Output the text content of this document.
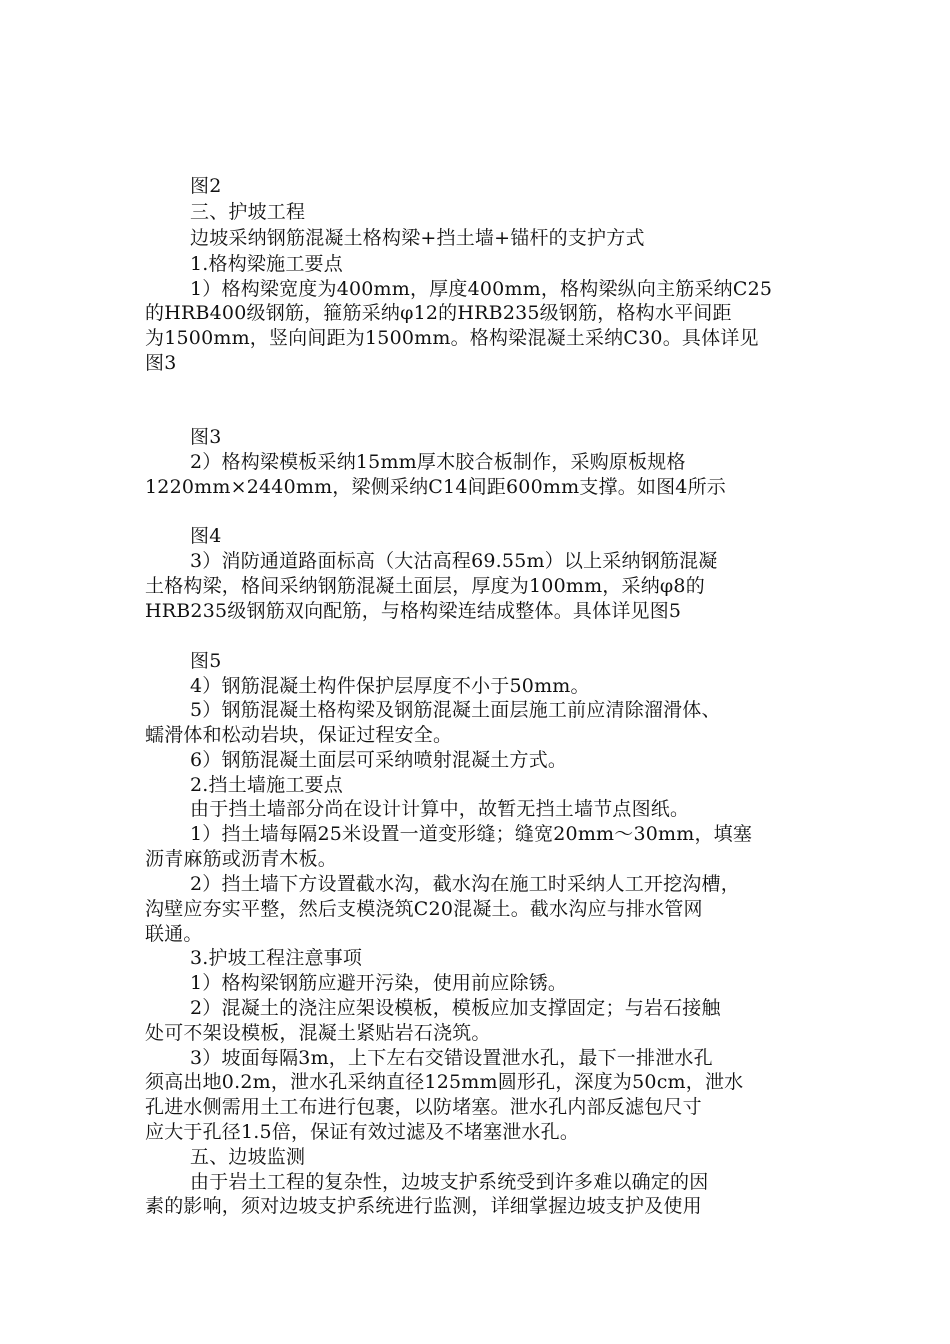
图2
三、护坡工程
边坡采纳钢筋混凝土格构梁+挡土墙+锚杆的支护方式
1.格构梁施工要点
1）格构梁宽度为400mm，厚度400mm，格构梁纵向主筋采纳C25
的HRB400级钢筋，箍筋采纳φ12的HRB235级钢筋，格构水平间距
为1500mm，竖向间距为1500mm。格构梁混凝土采纳C30。具体详见
图3
图3
2）格构梁模板采纳15mm厚木胶合板制作，采购原板规格
1220mm×2440mm，梁侧采纳C14间距600mm支撑。如图4所示
图4
3）消防通道路面标高（大沽高程69.55m）以上采纳钢筋混凝
土格构梁，格间采纳钢筋混凝土面层，厚度为100mm，采纳φ8的
HRB235级钢筋双向配筋，与格构梁连结成整体。具体详见图5
图5
4）钢筋混凝土构件保护层厚度不小于50mm。
5）钢筋混凝土格构梁及钢筋混凝土面层施工前应清除溜滑体、
蠕滑体和松动岩块，保证过程安全。
6）钢筋混凝土面层可采纳喷射混凝土方式。
2.挡土墙施工要点
由于挡土墙部分尚在设计计算中，故暂无挡土墙节点图纸。
1）挡土墙每隔25米设置一道变形缝；缝宽20mm～30mm，填塞
沥青麻筋或沥青木板。
2）挡土墙下方设置截水沟，截水沟在施工时采纳人工开挖沟槽，
沟壁应夯实平整，然后支模浇筑C20混凝土。截水沟应与排水管网
联通。
3.护坡工程注意事项
1）格构梁钢筋应避开污染，使用前应除锈。
2）混凝土的浇注应架设模板，模板应加支撑固定；与岩石接触
处可不架设模板，混凝土紧贴岩石浇筑。
3）坡面每隔3m，上下左右交错设置泄水孔，最下一排泄水孔
须高出地0.2m，泄水孔采纳直径125mm圆形孔，深度为50cm，泄水
孔进水侧需用土工布进行包裹，以防堵塞。泄水孔内部反滤包尺寸
应大于孔径1.5倍，保证有效过滤及不堵塞泄水孔。
五、边坡监测
由于岩土工程的复杂性，边坡支护系统受到许多难以确定的因
素的影响，须对边坡支护系统进行监测，详细掌握边坡支护及使用
